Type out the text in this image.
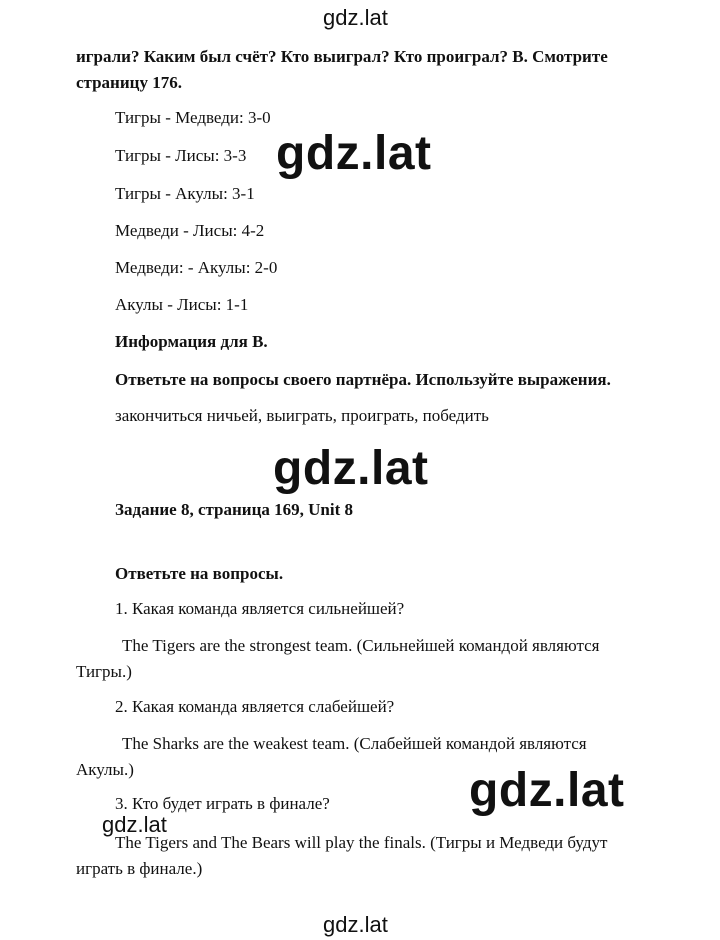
gdz.lat
gdz.lat
gdz.lat
gdz.lat
gdz.lat
gdz.lat
играли? Каким был счёт? Кто выиграл? Кто проиграл? В. Смотрите
страницу 176.
Тигры - Медведи: 3-0
Тигры - Лисы: 3-3
Тигры - Акулы: 3-1
Медведи - Лисы: 4-2
Медведи: - Акулы: 2-0
Акулы - Лисы: 1-1
Информация для В.
Ответьте на вопросы своего партнёра. Используйте выражения.
закончиться ничьей, выиграть, проиграть, победить
Задание 8, страница 169, Unit 8
Ответьте на вопросы.
1. Какая команда является сильнейшей?
The Tigers are the strongest team. (Сильнейшей командой являются
Тигры.)
2. Какая команда является слабейшей?
The Sharks are the weakest team. (Слабейшей командой являются
Акулы.)
3. Кто будет играть в финале?
The Tigers and The Bears will play the finals. (Тигры и Медведи будут
играть в финале.)
